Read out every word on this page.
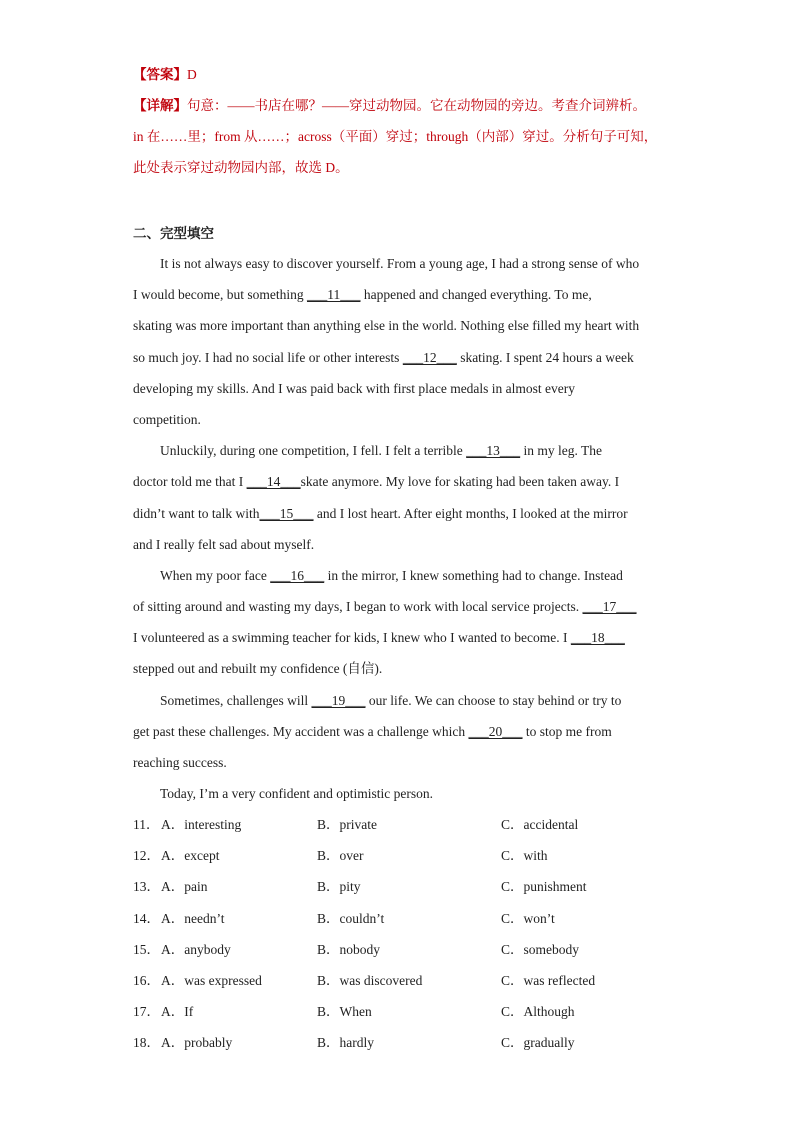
【答案】D
【详解】句意：——书店在哪？——穿过动物园。它在动物园的旁边。考查介词辨析。
in 在……里；from 从……；across（平面）穿过；through（内部）穿过。分析句子可知，
此处表示穿过动物园内部，故选 D。
二、完型填空
It is not always easy to discover yourself. From a young age, I had a strong sense of who
I would become, but something ___11___ happened and changed everything. To me,
skating was more important than anything else in the world. Nothing else filled my heart with
so much joy. I had no social life or other interests ___12___ skating. I spent 24 hours a week
developing my skills. And I was paid back with first place medals in almost every
competition.
Unluckily, during one competition, I fell. I felt a terrible ___13___ in my leg. The
doctor told me that I ___14___skate anymore. My love for skating had been taken away. I
didn’t want to talk with___15___ and I lost heart. After eight months, I looked at the mirror
and I really felt sad about myself.
When my poor face ___16___ in the mirror, I knew something had to change. Instead
of sitting around and wasting my days, I began to work with local service projects. ___17___
I volunteered as a swimming teacher for kids, I knew who I wanted to become. I ___18___
stepped out and rebuilt my confidence (自信).
Sometimes, challenges will ___19___ our life. We can choose to stay behind or try to
get past these challenges. My accident was a challenge which ___20___ to stop me from
reaching success.
Today, I’m a very confident and optimistic person.
11． A．interesting	B．private	C．accidental
12． A．except	B．over	C．with
13． A．pain	B．pity	C．punishment
14． A．needn’t	B．couldn’t	C．won’t
15． A．anybody	B．nobody	C．somebody
16． A．was expressed	B．was discovered	C．was reflected
17． A．If	B．When	C．Although
18． A．probably	B．hardly	C．gradually
